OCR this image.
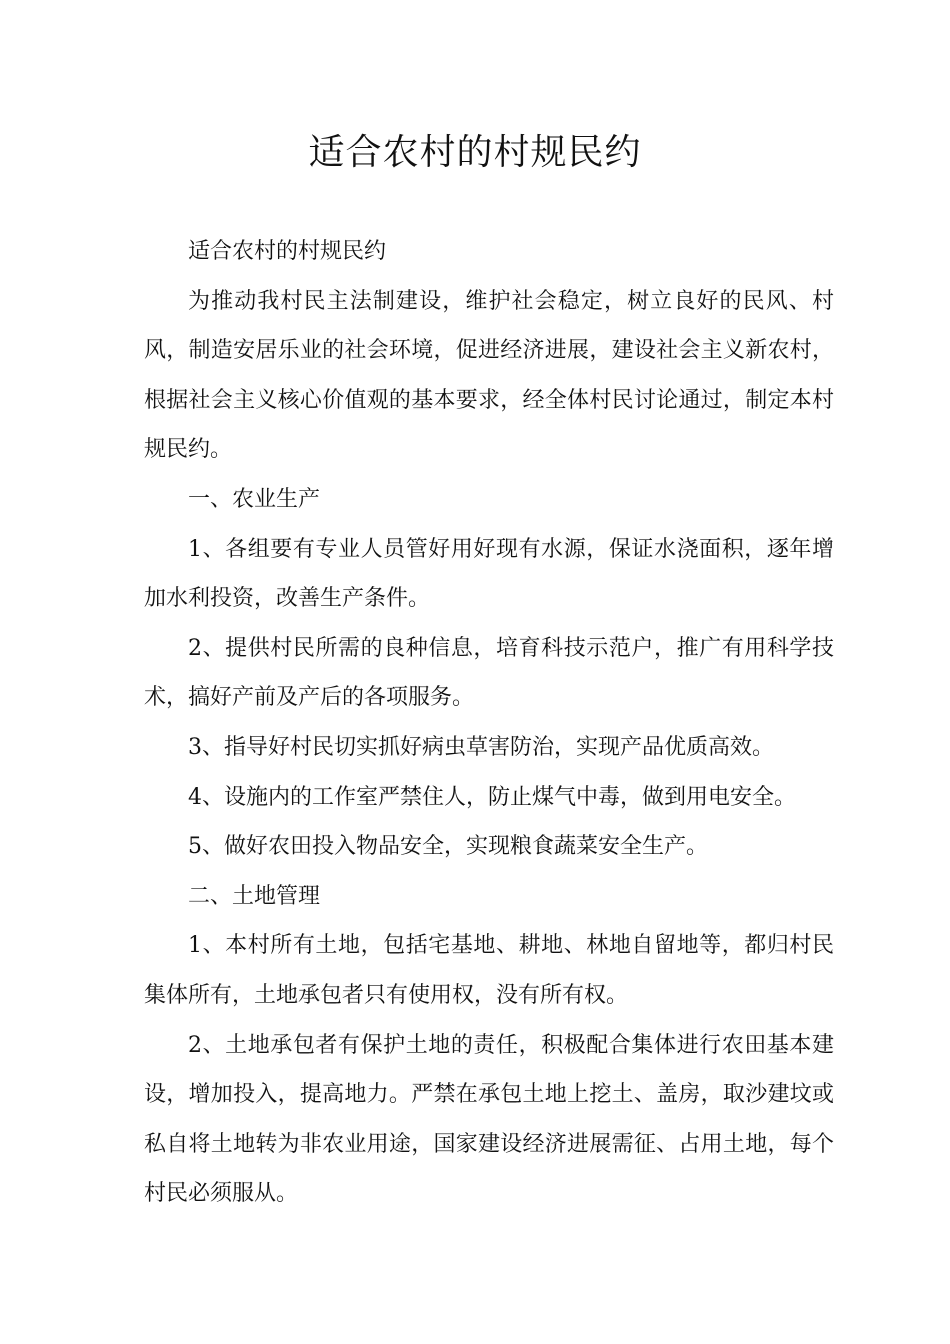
适合农村的村规民约

适合农村的村规民约

为推动我村民主法制建设，维护社会稳定，树立良好的民风、村风，制造安居乐业的社会环境，促进经济进展，建设社会主义新农村，根据社会主义核心价值观的基本要求，经全体村民讨论通过，制定本村规民约。

一、农业生产

1、各组要有专业人员管好用好现有水源，保证水浇面积，逐年增加水利投资，改善生产条件。

2、提供村民所需的良种信息，培育科技示范户，推广有用科学技术，搞好产前及产后的各项服务。

3、指导好村民切实抓好病虫草害防治，实现产品优质高效。

4、设施内的工作室严禁住人，防止煤气中毒，做到用电安全。

5、做好农田投入物品安全，实现粮食蔬菜安全生产。

二、土地管理

1、本村所有土地，包括宅基地、耕地、林地自留地等，都归村民集体所有，土地承包者只有使用权，没有所有权。

2、土地承包者有保护土地的责任，积极配合集体进行农田基本建设，增加投入，提高地力。严禁在承包土地上挖土、盖房，取沙建坟或私自将土地转为非农业用途，国家建设经济进展需征、占用土地，每个村民必须服从。
